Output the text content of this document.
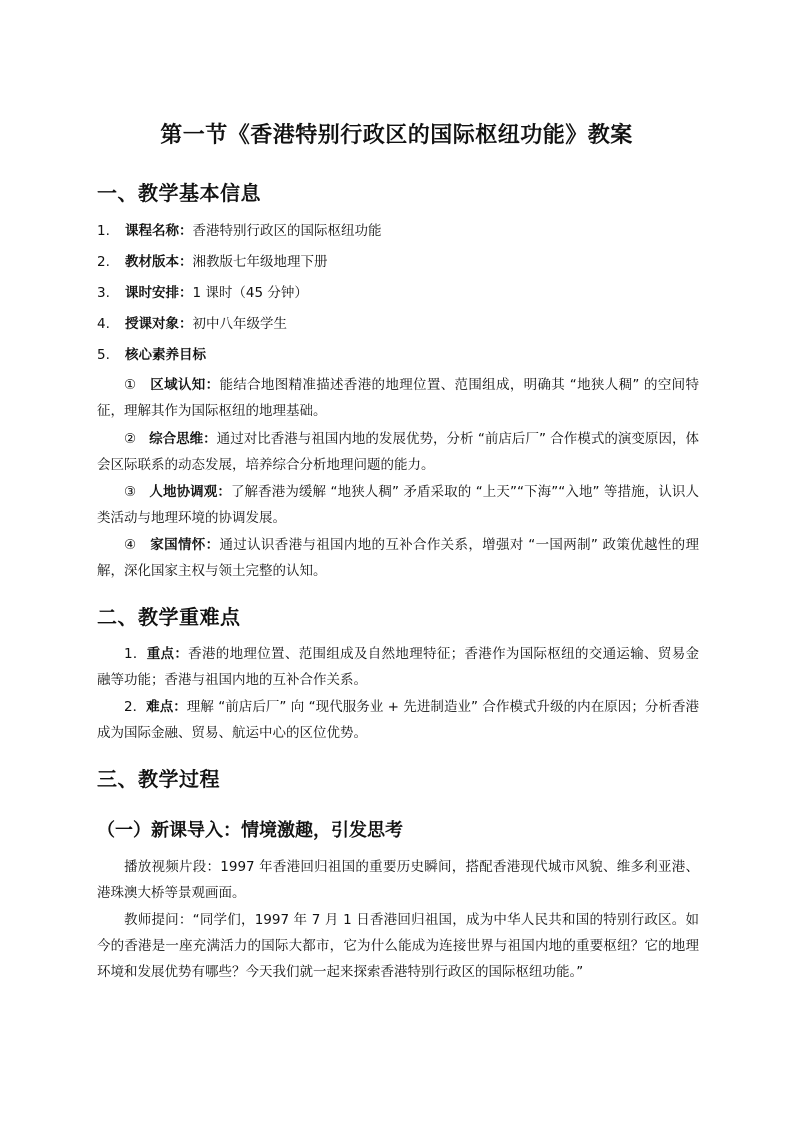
第一节《香港特别行政区的国际枢纽功能》教案
一、教学基本信息
1. 课程名称：香港特别行政区的国际枢纽功能
2. 教材版本：湘教版七年级地理下册
3. 课时安排：1 课时（45 分钟）
4. 授课对象：初中八年级学生
5. 核心素养目标
① 区域认知：能结合地图精准描述香港的地理位置、范围组成，明确其 “地狭人稠” 的空间特征，理解其作为国际枢纽的地理基础。
② 综合思维：通过对比香港与祖国内地的发展优势，分析 “前店后厂” 合作模式的演变原因，体会区际联系的动态发展，培养综合分析地理问题的能力。
③ 人地协调观：了解香港为缓解 “地狭人稠” 矛盾采取的 “上天”“下海”“入地” 等措施，认识人类活动与地理环境的协调发展。
④ 家国情怀：通过认识香港与祖国内地的互补合作关系，增强对 “一国两制” 政策优越性的理解，深化国家主权与领土完整的认知。
二、教学重难点
1．重点：香港的地理位置、范围组成及自然地理特征；香港作为国际枢纽的交通运输、贸易金融等功能；香港与祖国内地的互补合作关系。
2．难点：理解 “前店后厂” 向 “现代服务业 + 先进制造业” 合作模式升级的内在原因；分析香港成为国际金融、贸易、航运中心的区位优势。
三、教学过程
（一）新课导入：情境激趣，引发思考
播放视频片段：1997 年香港回归祖国的重要历史瞬间，搭配香港现代城市风貌、维多利亚港、港珠澳大桥等景观画面。
教师提问：“同学们，1997 年 7 月 1 日香港回归祖国，成为中华人民共和国的特别行政区。如今的香港是一座充满活力的国际大都市，它为什么能成为连接世界与祖国内地的重要枢纽？它的地理环境和发展优势有哪些？今天我们就一起来探索香港特别行政区的国际枢纽功能。”
